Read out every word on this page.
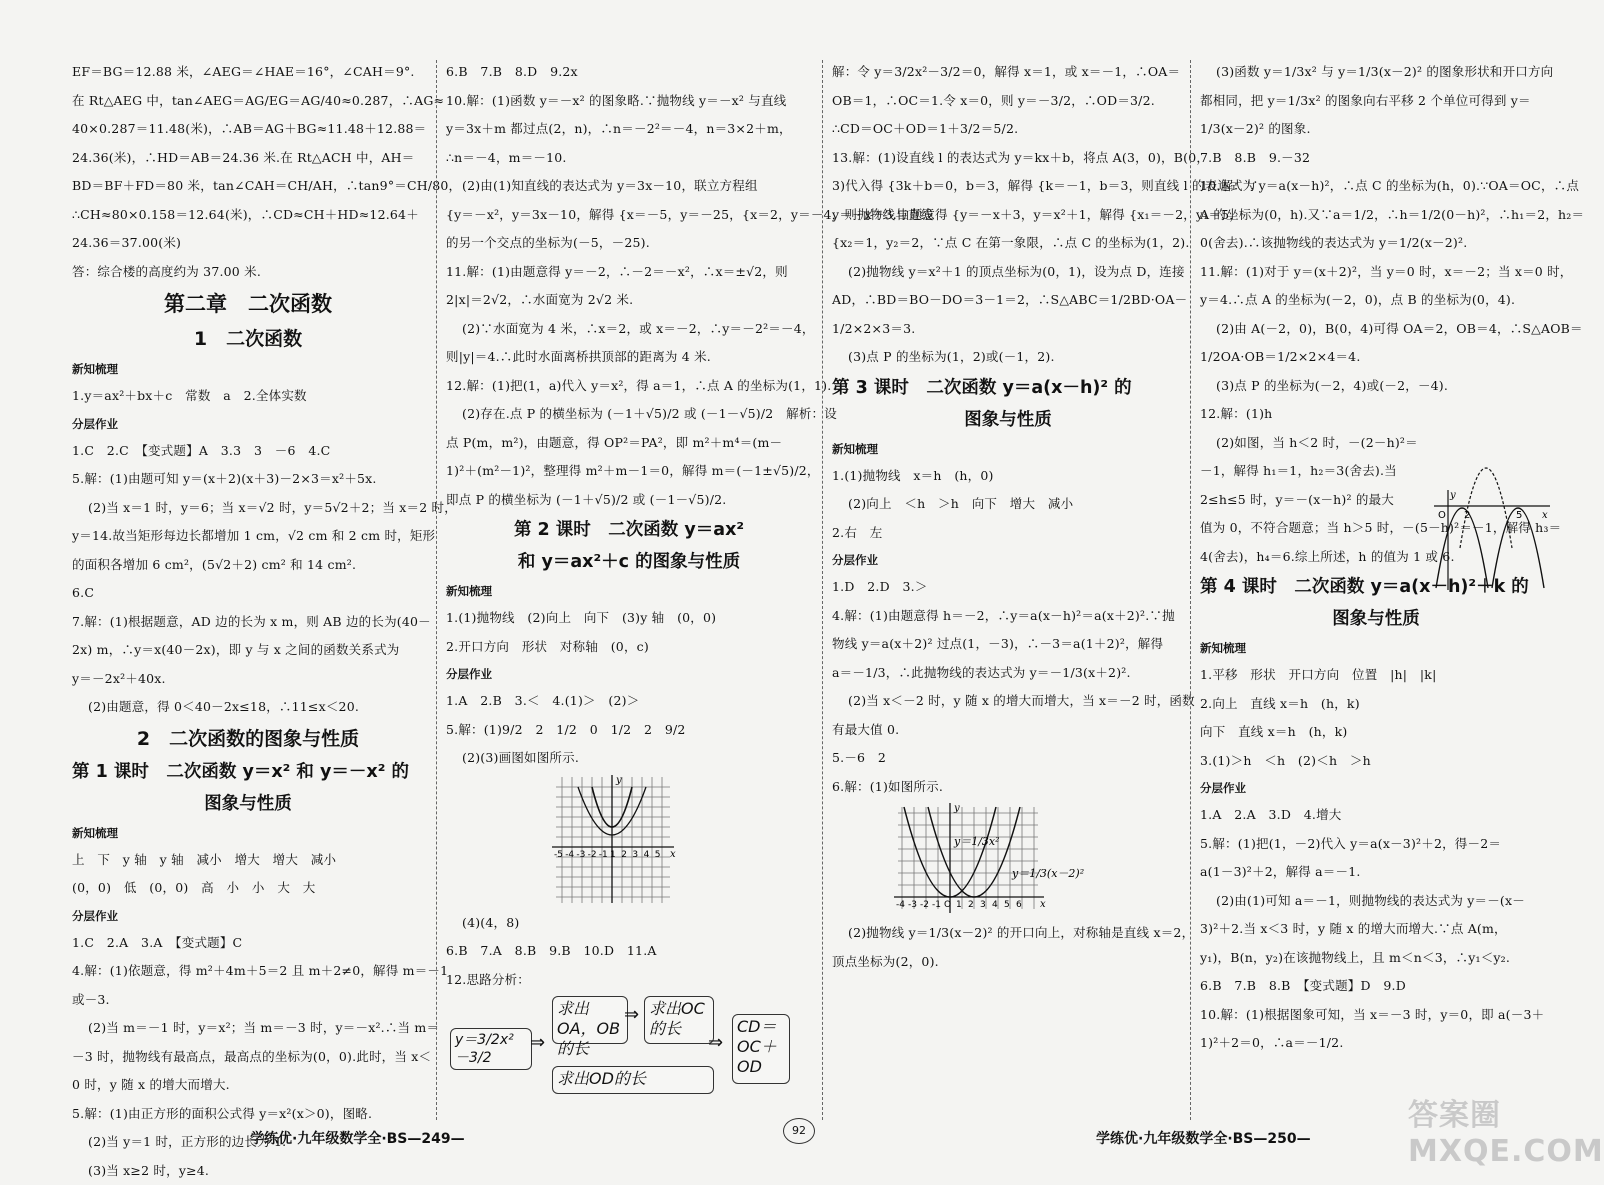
EF＝BG＝12.88 米，∠AEG＝∠HAE＝16°，∠CAH＝9°.
在 Rt△AEG 中，tan∠AEG＝AG/EG＝AG/40≈0.287，∴AG≈
40×0.287＝11.48(米)，∴AB＝AG＋BG≈11.48＋12.88＝
24.36(米)，∴HD＝AB＝24.36 米.在 Rt△ACH 中，AH＝
BD＝BF＋FD＝80 米，tan∠CAH＝CH/AH，∴tan9°＝CH/80，
∴CH≈80×0.158＝12.64(米)，∴CD≈CH＋HD≈12.64＋
24.36＝37.00(米)
答：综合楼的高度约为 37.00 米.
第二章　二次函数
1　二次函数
新知梳理
1.y＝ax²＋bx＋c　常数　a　2.全体实数
分层作业
1.C　2.C　【变式题】A　3.3　3　－6　4.C
5.解：(1)由题可知 y＝(x＋2)(x＋3)－2×3＝x²＋5x.
(2)当 x＝1 时，y＝6；当 x＝√2 时，y＝5√2＋2；当 x＝2 时，
y＝14.故当矩形每边长都增加 1 cm，√2 cm 和 2 cm 时，矩形
的面积各增加 6 cm²，(5√2＋2) cm² 和 14 cm².
6.C
7.解：(1)根据题意，AD 边的长为 x m，则 AB 边的长为(40－
2x) m，∴y＝x(40－2x)，即 y 与 x 之间的函数关系式为
y＝－2x²＋40x.
(2)由题意，得 0＜40－2x≤18，∴11≤x＜20.
2　二次函数的图象与性质
第 1 课时　二次函数 y＝x² 和 y＝－x² 的
图象与性质
新知梳理
上　下　y 轴　y 轴　减小　增大　增大　减小
(0，0)　低　(0，0)　高　小　小　大　大
分层作业
1.C　2.A　3.A　【变式题】C
4.解：(1)依题意，得 m²＋4m＋5＝2 且 m＋2≠0，解得 m＝－1
或－3.
(2)当 m＝－1 时，y＝x²；当 m＝－3 时，y＝－x².∴当 m＝
－3 时，抛物线有最高点，最高点的坐标为(0，0).此时，当 x＜
0 时，y 随 x 的增大而增大.
5.解：(1)由正方形的面积公式得 y＝x²(x＞0)，图略.
(2)当 y＝1 时，正方形的边长为 1.
(3)当 x≥2 时，y≥4.
6.B　7.B　8.D　9.2x
10.解：(1)函数 y＝－x² 的图象略.∵抛物线 y＝－x² 与直线
y＝3x＋m 都过点(2，n)，∴n＝－2²＝－4，n＝3×2＋m，
∴n＝－4，m＝－10.
(2)由(1)知直线的表达式为 y＝3x－10，联立方程组
{y＝－x²，y＝3x－10，解得 {x＝－5，y＝－25，{x＝2，y＝－4，则抛物线与直线
的另一个交点的坐标为(－5，－25).
11.解：(1)由题意得 y＝－2，∴－2＝－x²，∴x＝±√2，则
2|x|＝2√2，∴水面宽为 2√2 米.
(2)∵水面宽为 4 米，∴x＝2，或 x＝－2，∴y＝－2²＝－4，
则|y|＝4.∴此时水面离桥拱顶部的距离为 4 米.
12.解：(1)把(1，a)代入 y＝x²，得 a＝1，∴点 A 的坐标为(1，1).
(2)存在.点 P 的横坐标为 (－1＋√5)/2 或 (－1－√5)/2　解析：设
点 P(m，m²)，由题意，得 OP²＝PA²，即 m²＋m⁴＝(m－
1)²＋(m²－1)²，整理得 m²＋m－1＝0，解得 m＝(－1±√5)/2，
即点 P 的横坐标为 (－1＋√5)/2 或 (－1－√5)/2.
第 2 课时　二次函数 y＝ax²
和 y＝ax²＋c 的图象与性质
新知梳理
1.(1)抛物线　(2)向上　向下　(3)y 轴　(0，0)
2.开口方向　形状　对称轴　(0，c)
分层作业
1.A　2.B　3.＜　4.(1)＞　(2)＞
5.解：(1)9/2　2　1/2　0　1/2　2　9/2
(2)(3)画图如图所示.
y
x
-5 -4 -3 -2 -1 1 2 3 4 5
(4)(4，8)
6.B　7.A　8.B　9.B　10.D　11.A
12.思路分析：
y＝3/2x²－3/2
⇒
求出OA，OB的长
⇒ 求出OC的长
求出OD的长
⇒
CD＝OC＋OD
解：令 y＝3/2x²－3/2＝0，解得 x＝1，或 x＝－1，∴OA＝
OB＝1，∴OC＝1.令 x＝0，则 y＝－3/2，∴OD＝3/2.
∴CD＝OC＋OD＝1＋3/2＝5/2.
13.解：(1)设直线 l 的表达式为 y＝kx＋b，将点 A(3，0)，B(0，
3)代入得 {3k＋b＝0，b＝3，解得 {k＝－1，b＝3，则直线 l 的表达式为
y＝－x＋3.由题意得 {y＝－x＋3，y＝x²＋1，解得 {x₁＝－2，y₁＝5，
{x₂＝1，y₂＝2，∵点 C 在第一象限，∴点 C 的坐标为(1，2).
(2)抛物线 y＝x²＋1 的顶点坐标为(0，1)，设为点 D，连接
AD，∴BD＝BO－DO＝3－1＝2，∴S△ABC＝1/2BD·OA－
1/2×2×3＝3.
(3)点 P 的坐标为(1，2)或(－1，2).
第 3 课时　二次函数 y＝a(x－h)² 的
图象与性质
新知梳理
1.(1)抛物线　x＝h　(h，0)
(2)向上　＜h　＞h　向下　增大　减小
2.右　左
分层作业
1.D　2.D　3.＞
4.解：(1)由题意得 h＝－2，∴y＝a(x－h)²＝a(x＋2)².∵抛
物线 y＝a(x＋2)² 过点(1，－3)，∴－3＝a(1＋2)²，解得
a＝－1/3，∴此抛物线的表达式为 y＝－1/3(x＋2)².
(2)当 x＜－2 时，y 随 x 的增大而增大，当 x＝－2 时，函数
有最大值 0.
5.－6　2
6.解：(1)如图所示.
y＝1/3x²
y＝1/3(x－2)²
y
x
-4 -3 -2 -1 O 1 2 3 4 5 6
(2)抛物线 y＝1/3(x－2)² 的开口向上，对称轴是直线 x＝2，
顶点坐标为(2，0).
(3)函数 y＝1/3x² 与 y＝1/3(x－2)² 的图象形状和开口方向
都相同，把 y＝1/3x² 的图象向右平移 2 个单位可得到 y＝
1/3(x－2)² 的图象.
7.B　8.B　9.－32
10.解：∵y＝a(x－h)²，∴点 C 的坐标为(h，0).∵OA＝OC，∴点
A 的坐标为(0，h).又∵a＝1/2，∴h＝1/2(0－h)²，∴h₁＝2，h₂＝
0(舍去).∴该抛物线的表达式为 y＝1/2(x－2)².
11.解：(1)对于 y＝(x＋2)²，当 y＝0 时，x＝－2；当 x＝0 时，
y＝4.∴点 A 的坐标为(－2，0)，点 B 的坐标为(0，4).
(2)由 A(－2，0)，B(0，4)可得 OA＝2，OB＝4，∴S△AOB＝
1/2OA·OB＝1/2×2×4＝4.
(3)点 P 的坐标为(－2，4)或(－2，－4).
12.解：(1)h
(2)如图，当 h＜2 时，－(2－h)²＝
－1，解得 h₁＝1，h₂＝3(舍去).当
2≤h≤5 时，y＝－(x－h)² 的最大
值为 0，不符合题意；当 h＞5 时，－(5－h)²＝－1，解得 h₃＝
4(舍去)，h₄＝6.综上所述，h 的值为 1 或 6.
y
x
O 2	5
第 4 课时　二次函数 y＝a(x－h)²＋k 的
图象与性质
新知梳理
1.平移　形状　开口方向　位置　|h|　|k|
2.向上　直线 x＝h　(h，k)
向下　直线 x＝h　(h，k)
3.(1)＞h　＜h　(2)＜h　＞h
分层作业
1.A　2.A　3.D　4.增大
5.解：(1)把(1，－2)代入 y＝a(x－3)²＋2，得－2＝
a(1－3)²＋2，解得 a＝－1.
(2)由(1)可知 a＝－1，则抛物线的表达式为 y＝－(x－
3)²＋2.当 x＜3 时，y 随 x 的增大而增大.∵点 A(m，
y₁)，B(n，y₂)在该抛物线上，且 m＜n＜3，∴y₁＜y₂.
6.B　7.B　8.B　【变式题】D　9.D
10.解：(1)根据图象可知，当 x＝－3 时，y＝0，即 a(－3＋
1)²＋2＝0，∴a＝－1/2.
学练优·九年级数学全·BS—249—
92
学练优·九年级数学全·BS—250—
答案圈 MXQE.COM
